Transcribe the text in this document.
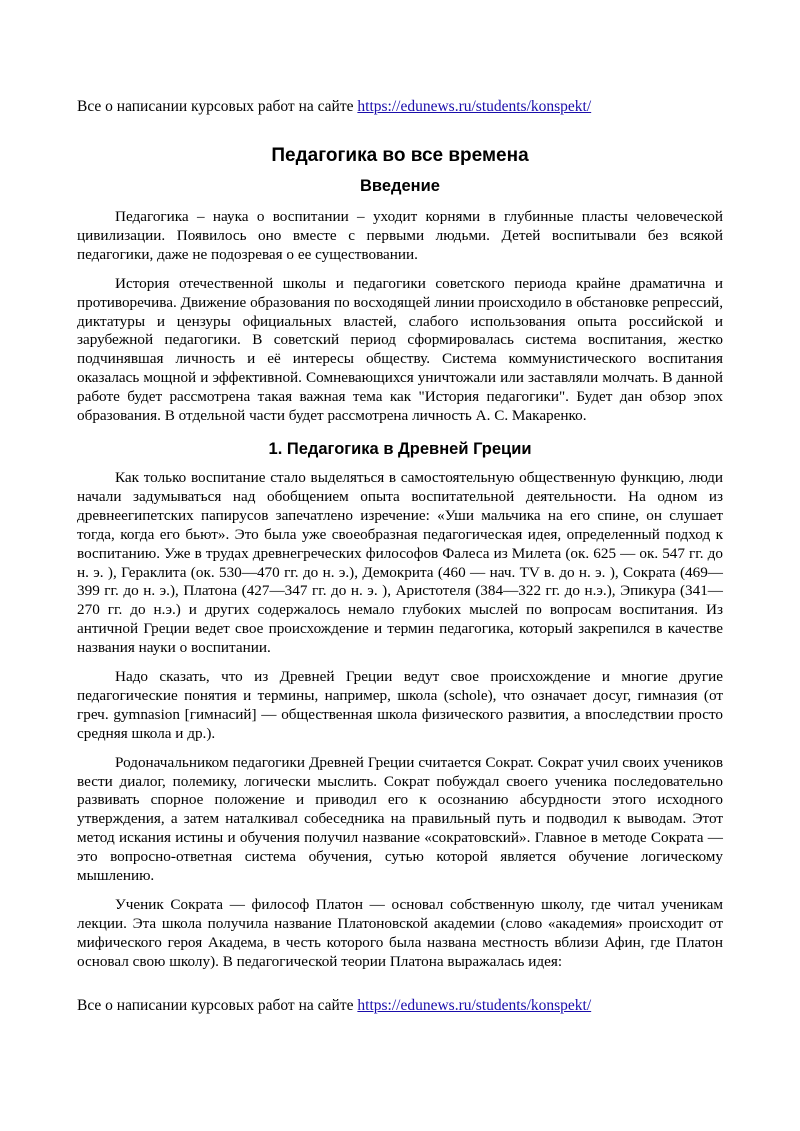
Все о написании курсовых работ на сайте https://edunews.ru/students/konspekt/
Педагогика во все времена
Введение

Педагогика – наука о воспитании – уходит корнями в глубинные пласты человеческой цивилизации. Появилось оно вместе с первыми людьми. Детей воспитывали без всякой педагогики, даже не подозревая о ее существовании.

История отечественной школы и педагогики советского периода крайне драматична и противоречива. Движение образования по восходящей линии происходило в обстановке репрессий, диктатуры и цензуры официальных властей, слабого использования опыта российской и зарубежной педагогики. В советский период сформировалась система воспитания, жестко подчинявшая личность и её интересы обществу. Система коммунистического воспитания оказалась мощной и эффективной. Сомневающихся уничтожали или заставляли молчать. В данной работе будет рассмотрена такая важная тема как "История педагогики". Будет дан обзор эпох образования. В отдельной части будет рассмотрена личность А. С. Макаренко.

1. Педагогика в Древней Греции

Как только воспитание стало выделяться в самостоятельную общественную функцию, люди начали задумываться над обобщением опыта воспитательной деятельности. На одном из древнеегипетских папирусов запечатлено изречение: «Уши мальчика на его спине, он слушает тогда, когда его бьют». Это была уже своеобразная педагогическая идея, определенный подход к воспитанию. Уже в трудах древнегреческих философов Фалеса из Милета (ок. 625 — ок. 547 гг. до н. э. ), Гераклита (ок. 530—470 гг. до н. э.), Демокрита (460 — нач. TV в. до н. э. ), Сократа (469—399 гг. до н. э.), Платона (427—347 гг. до н. э. ), Аристотеля (384—322 гг. до н.э.), Эпикура (341— 270 гг. до н.э.) и других содержалось немало глубоких мыслей по вопросам воспитания. Из античной Греции ведет свое происхождение и термин педагогика, который закрепился в качестве названия науки о воспитании.

Надо сказать, что из Древней Греции ведут свое происхождение и многие другие педагогические понятия и термины, например, школа (schole), что означает досуг, гимназия (от греч. gymnasion [гимнасий] — общественная школа физического развития, а впоследствии просто средняя школа и др.).

Родоначальником педагогики Древней Греции считается Сократ. Сократ учил своих учеников вести диалог, полемику, логически мыслить. Сократ побуждал своего ученика последовательно развивать спорное положение и приводил его к осознанию абсурдности этого исходного утверждения, а затем наталкивал собеседника на правильный путь и подводил к выводам. Этот метод искания истины и обучения получил название «сократовский». Главное в методе Сократа — это вопросно-ответная система обучения, сутью которой является обучение логическому мышлению.

Ученик Сократа — философ Платон — основал собственную школу, где читал ученикам лекции. Эта школа получила название Платоновской академии (слово «академия» происходит от мифического героя Академа, в честь которого была названа местность вблизи Афин, где Платон основал свою школу). В педагогической теории Платона выражалась идея:

Все о написании курсовых работ на сайте https://edunews.ru/students/konspekt/
